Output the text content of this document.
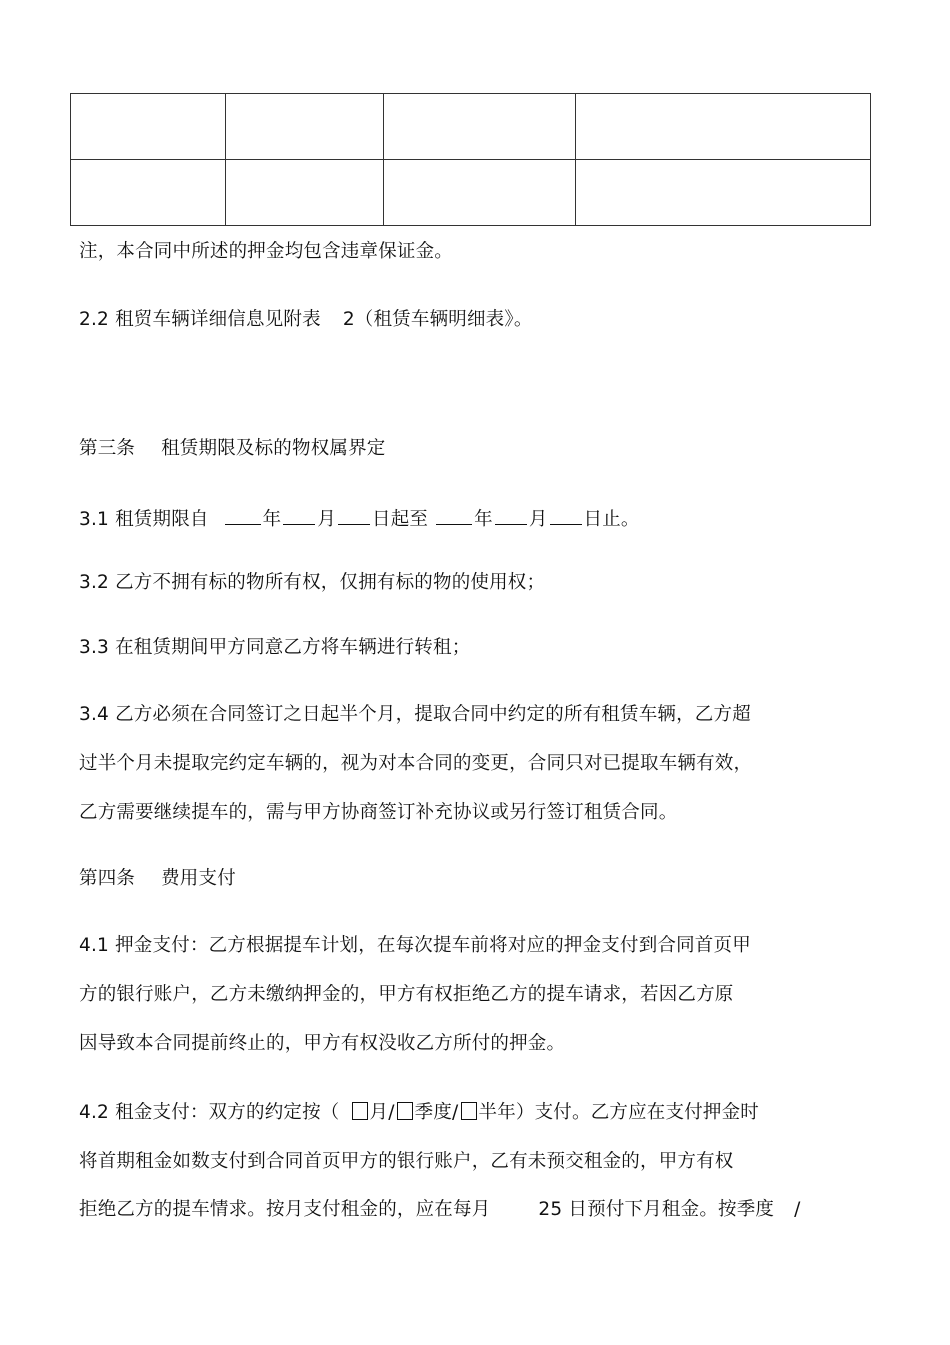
注，本合同中所述的押金均包含违章保证金。
2.2 租贸车辆详细信息见附表 2（租赁车辆明细表》。
第三条 租赁期限及标的物权属界定
3.1 租赁期限自	年 月 日起至 年 月 日止。
3.2 乙方不拥有标的物所有权，仅拥有标的物的使用权；
3.3 在租赁期间甲方同意乙方将车辆进行转租；
3.4 乙方必须在合同签订之日起半个月，提取合同中约定的所有租赁车辆，乙方超
过半个月未提取完约定车辆的，视为对本合同的变更，合同只对已提取车辆有效，
乙方需要继续提车的，需与甲方协商签订补充协议或另行签订租赁合同。
第四条 费用支付
4.1 押金支付：乙方根据提车计划，在每次提车前将对应的押金支付到合同首页甲
方的银行账户，乙方未缴纳押金的，甲方有权拒绝乙方的提车请求，若因乙方原
因导致本合同提前终止的，甲方有权没收乙方所付的押金。
4.2 租金支付：双方的约定按（ 月/ 季度/ 半年）支付。乙方应在支付押金时
将首期租金如数支付到合同首页甲方的银行账户，乙有未预交租金的，甲方有权
拒绝乙方的提车情求。按月支付租金的，应在每月	25 日预付下月租金。按季度 /
